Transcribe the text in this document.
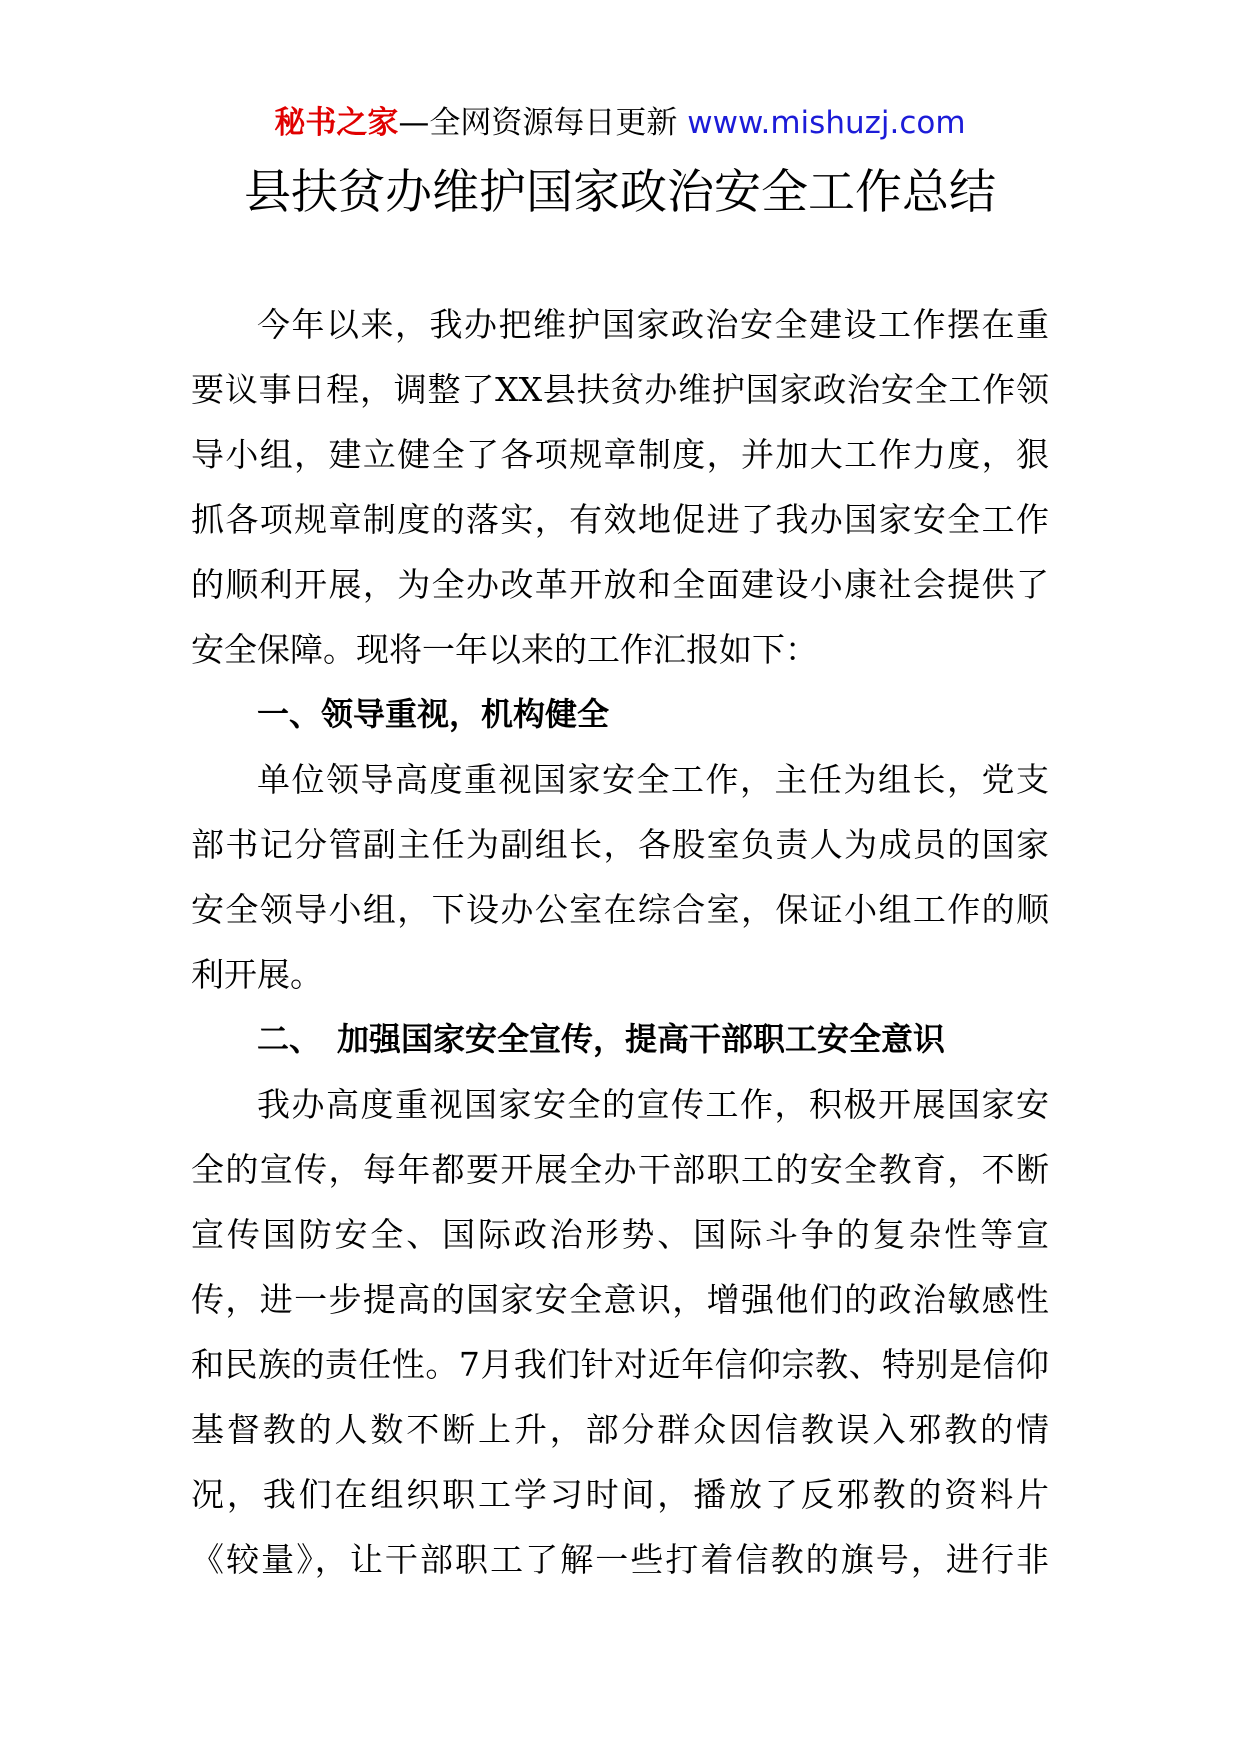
秘书之家—全网资源每日更新 www.mishuzj.com
县扶贫办维护国家政治安全工作总结
今年以来，我办把维护国家政治安全建设工作摆在重
要议事日程，调整了XX县扶贫办维护国家政治安全工作领
导小组，建立健全了各项规章制度，并加大工作力度，狠
抓各项规章制度的落实，有效地促进了我办国家安全工作
的顺利开展，为全办改革开放和全面建设小康社会提供了
安全保障。现将一年以来的工作汇报如下：
一、领导重视，机构健全
单位领导高度重视国家安全工作，主任为组长，党支
部书记分管副主任为副组长，各股室负责人为成员的国家
安全领导小组，下设办公室在综合室，保证小组工作的顺
利开展。
二、　加强国家安全宣传，提高干部职工安全意识
我办高度重视国家安全的宣传工作，积极开展国家安
全的宣传，每年都要开展全办干部职工的安全教育，不断
宣传国防安全、国际政治形势、国际斗争的复杂性等宣
传，进一步提高的国家安全意识，增强他们的政治敏感性
和民族的责任性。7月我们针对近年信仰宗教、特别是信仰
基督教的人数不断上升，部分群众因信教误入邪教的情
况，我们在组织职工学习时间，播放了反邪教的资料片
《较量》，让干部职工了解一些打着信教的旗号，进行非
